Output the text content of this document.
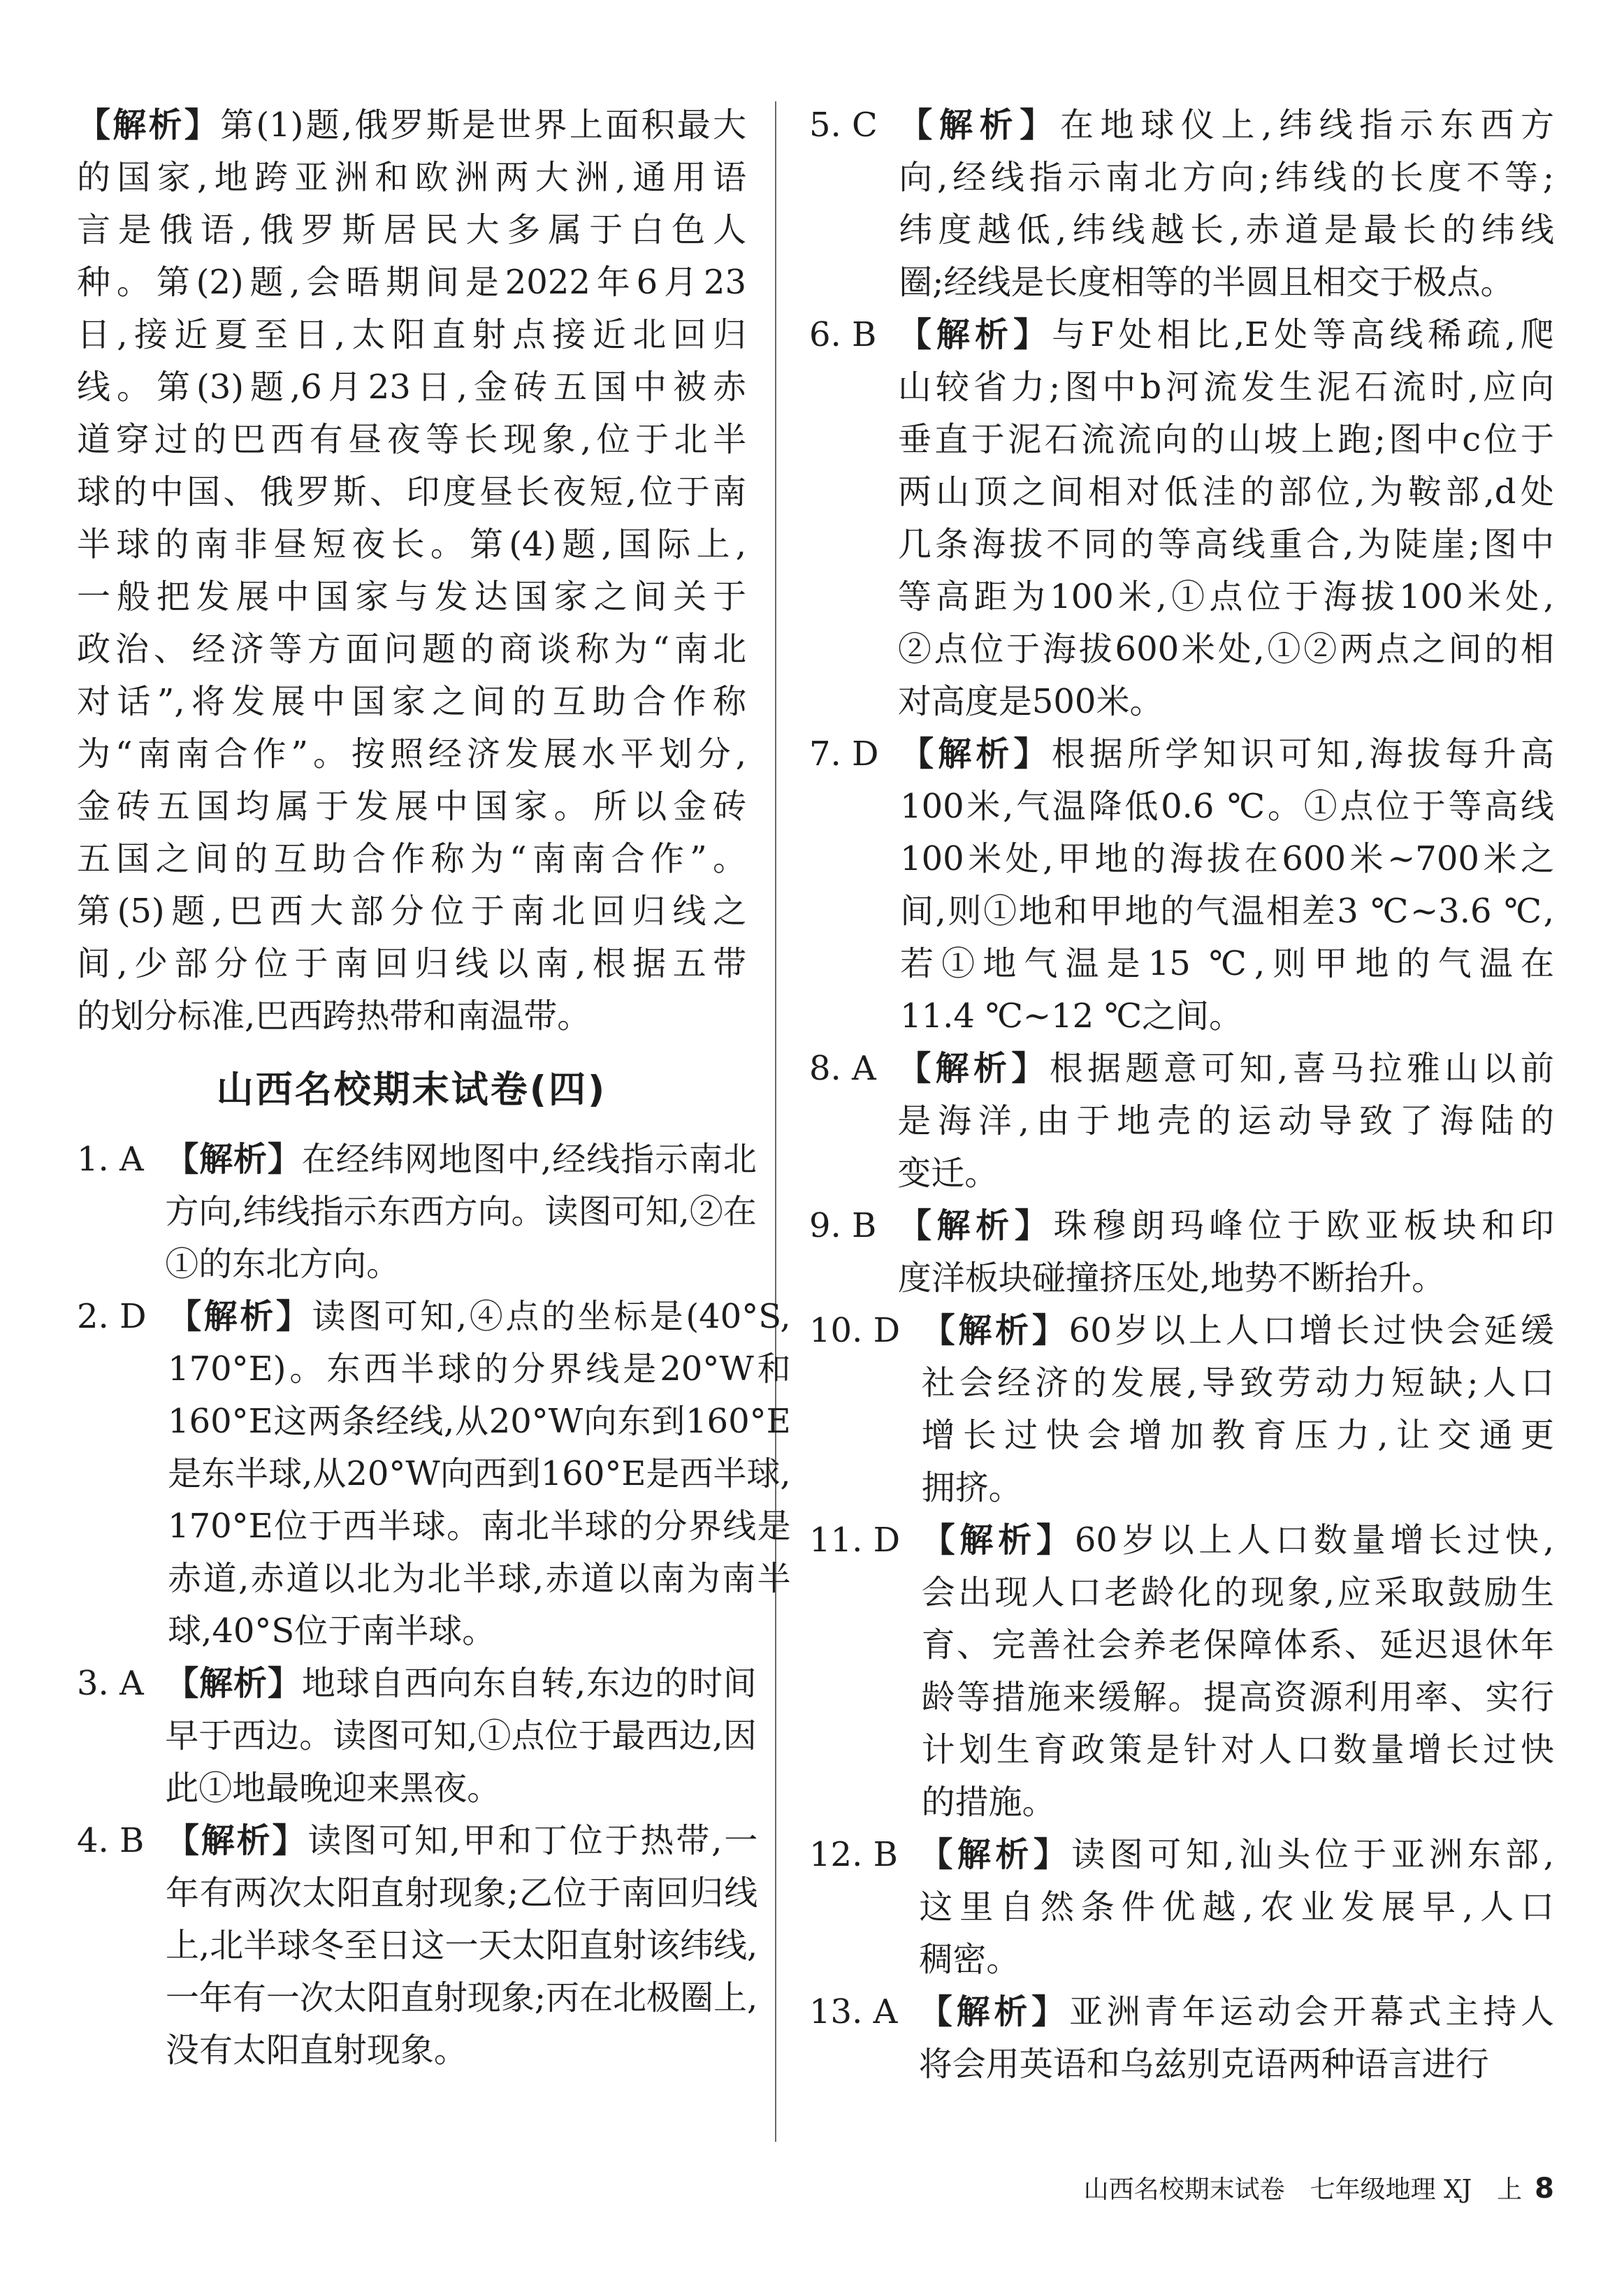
【解析】第(1)题,俄罗斯是世界上面积最大
的国家,地跨亚洲和欧洲两大洲,通用语
言是俄语,俄罗斯居民大多属于白色人
种。第(2)题,会晤期间是2022年6月23
日,接近夏至日,太阳直射点接近北回归
线。第(3)题,6月23日,金砖五国中被赤
道穿过的巴西有昼夜等长现象,位于北半
球的中国、俄罗斯、印度昼长夜短,位于南
半球的南非昼短夜长。第(4)题,国际上,
一般把发展中国家与发达国家之间关于
政治、经济等方面问题的商谈称为“南北
对话”,将发展中国家之间的互助合作称
为“南南合作”。按照经济发展水平划分,
金砖五国均属于发展中国家。所以金砖
五国之间的互助合作称为“南南合作”。
第(5)题,巴西大部分位于南北回归线之
间,少部分位于南回归线以南,根据五带
的划分标准,巴西跨热带和南温带。
山西名校期末试卷(四)
1. A 【解析】在经纬网地图中,经线指示南北
方向,纬线指示东西方向。读图可知,②在
①的东北方向。
2. D 【解析】读图可知,④点的坐标是(40°S,
170°E)。东西半球的分界线是20°W和
160°E这两条经线,从20°W向东到160°E
是东半球,从20°W向西到160°E是西半球,
170°E位于西半球。南北半球的分界线是
赤道,赤道以北为北半球,赤道以南为南半
球,40°S位于南半球。
3. A 【解析】地球自西向东自转,东边的时间
早于西边。读图可知,①点位于最西边,因
此①地最晚迎来黑夜。
4. B 【解析】读图可知,甲和丁位于热带,一
年有两次太阳直射现象;乙位于南回归线
上,北半球冬至日这一天太阳直射该纬线,
一年有一次太阳直射现象;丙在北极圈上,
没有太阳直射现象。
5. C 【解析】在地球仪上,纬线指示东西方
向,经线指示南北方向;纬线的长度不等;
纬度越低,纬线越长,赤道是最长的纬线
圈;经线是长度相等的半圆且相交于极点。
6. B 【解析】与F处相比,E处等高线稀疏,爬
山较省力;图中b河流发生泥石流时,应向
垂直于泥石流流向的山坡上跑;图中c位于
两山顶之间相对低洼的部位,为鞍部,d处
几条海拔不同的等高线重合,为陡崖;图中
等高距为100米,①点位于海拔100米处,
②点位于海拔600米处,①②两点之间的相
对高度是500米。
7. D 【解析】根据所学知识可知,海拔每升高
100米,气温降低0.6 ℃。①点位于等高线
100米处,甲地的海拔在600米~700米之
间,则①地和甲地的气温相差3 ℃~3.6 ℃,
若①地气温是15 ℃,则甲地的气温在
11.4 ℃~12 ℃之间。
8. A 【解析】根据题意可知,喜马拉雅山以前
是海洋,由于地壳的运动导致了海陆的
变迁。
9. B 【解析】珠穆朗玛峰位于欧亚板块和印
度洋板块碰撞挤压处,地势不断抬升。
10. D 【解析】60岁以上人口增长过快会延缓
社会经济的发展,导致劳动力短缺;人口
增长过快会增加教育压力,让交通更
拥挤。
11. D 【解析】60岁以上人口数量增长过快,
会出现人口老龄化的现象,应采取鼓励生
育、完善社会养老保障体系、延迟退休年
龄等措施来缓解。提高资源利用率、实行
计划生育政策是针对人口数量增长过快
的措施。
12. B 【解析】读图可知,汕头位于亚洲东部,
这里自然条件优越,农业发展早,人口
稠密。
13. A 【解析】亚洲青年运动会开幕式主持人
将会用英语和乌兹别克语两种语言进行
山西名校期末试卷　七年级地理 XJ　上 8
